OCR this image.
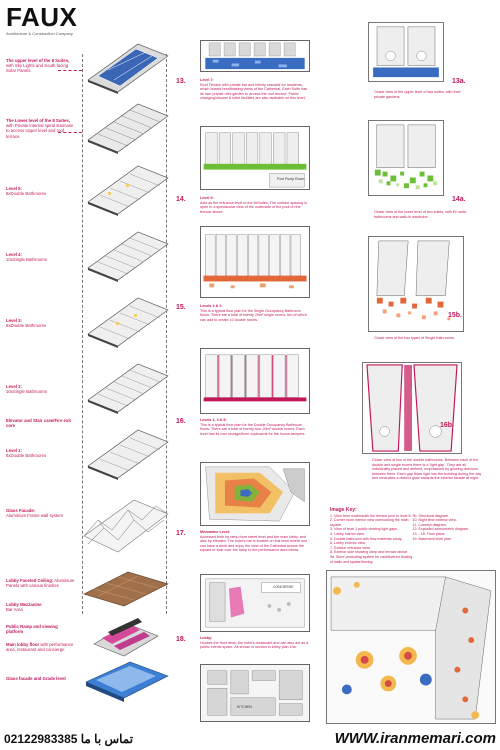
FAUX
Architecture & Construction Company
The upper level of the 8 Suites, with Sky Lights and South facing Solar Panels.
The Lower level of the 8 Suites, with Private internal spiral staircase to access Upper level and roof terrace.
Level 5:
8xDouble Bathrooms
Level 4:
10xSingle Bathrooms
Level 3:
8xDouble Bathrooms
Level 2:
10xSingle Bathrooms
Elevator and Stair case/Fire exit core
Level 1:
8xDouble Bathrooms
Glass Facade:
Aluminium Frame wall system
Lobby Faceted Ceiling: Aluminium Panels with various finishes
Lobby Mezzanine
Bar Area
Public Ramp and viewing platform
Main lobby floor with performance area, restaurant and concierge
Glass facade and Grade level
13.	Level 7:
Roof Terrace with private bar and infinity cascade for residents, which boasts breathtaking views of the Cathedral. Each Suite has its own private mini garden to access the roof terrace. Public changing/shower & toilet facilities are also available on this level.
Pool Pump Room
14.	Level 6:
Acts as the entrance level to the 8xSuites. The corridor spacing is open to a spectacular view of the underside of the pool on the terrace above.
15.	Levels 4 & 2:
This is a typical floor plan for the Single Occupancy Bathroom floors. There are a total of twenty 20m² single rooms, ten of which can add to create 10 double rooms.
16.	Levels 1, 3 & 5:
This is a typical floor plan for the Double Occupancy Bathroom floors. There are a total of twenty-four 20m² double rooms. Each level has its own storage/linen cupboards for the house-keepers.
17.	Mezzanine Level:
Accessed both by ramp from street level and the main lobby, and also by elevator. The hotel's bar is located on this level where one can have a drink and enjoy the view of the Cathedral across the square or look over the ramp to the performance area below.
CONCIERGE
18.	Lobby:
Houses the front desk, the hotel's restaurant and can also act as a public events space. As shown in section in lobby plan 10a.
KITCHEN
13a.
Closer view of the upper level of two suites, with their private gardens.
14a.
Closer view of the lower level of two suites, with En suite bathrooms and walk-in wardrobe.
15b.
Closer view of the two types of Single bathrooms.
16b.
Closer view of two of the double bathrooms. Between each of the double and single rooms there is a 'light gap'. They are all individually placed and defined, emphasised by glowing divisions between them. Each gap flows light into the building during the day and emanates a distinct glow towards the exterior facade at night.
Image Key:
1. View from underneath the terrace pool to level 6.
2. Corner room interior view overlooking the main square.
3. View of level 1 public viewing light gaps.
4. Lobby interior view.
5. Double bathroom with flow materials study.
6. Lobby exterior view.
7. Exterior entrance view.
8. Exterior side showing ramp and terrace above.
9a. Store protruding system for cantilevered floating of walls and spatial flowing
9b. Structural diagram.
10. Night time exterior view.
11. Concept diagram.
12. Exploded axonometric diagram.
13. - 18. Floor plans.
19. Basement level plan.
02122983385 تماس با ما	WWW.iranmemari.com
